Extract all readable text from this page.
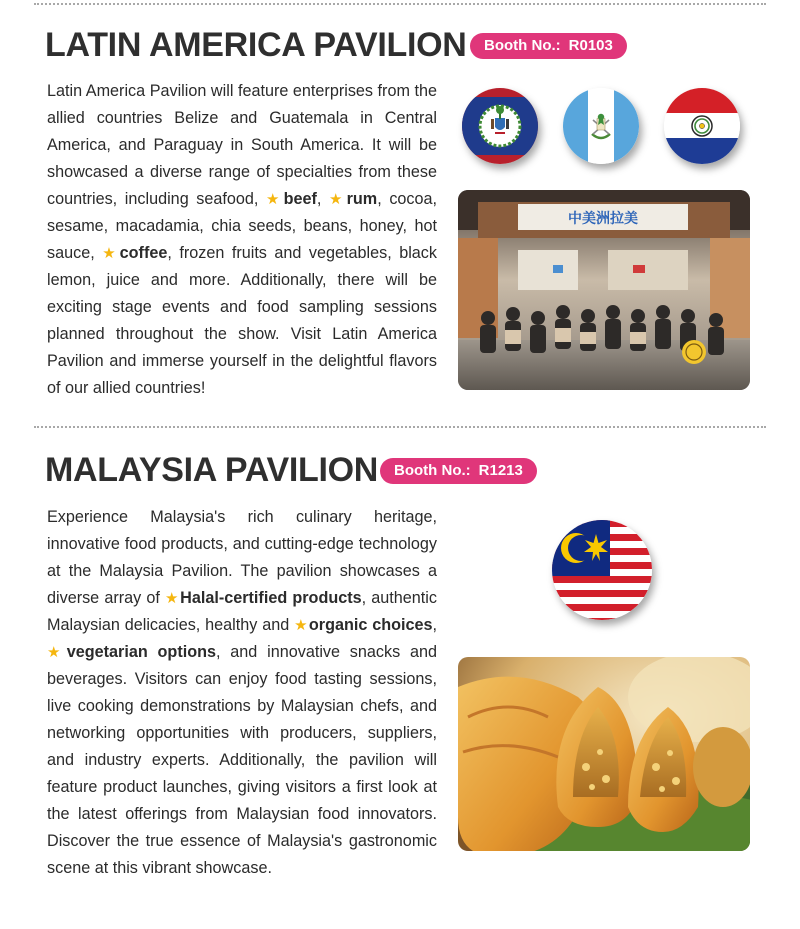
LATIN AMERICA PAVILION	Booth No.: R0103

Latin America Pavilion will feature enterprises from the allied countries Belize and Guatemala in Central America, and Paraguay in South America. It will be showcased a diverse range of specialties from these countries, including seafood, ★beef, ★rum, cocoa, sesame, macadamia, chia seeds, beans, honey, hot sauce, ★coffee, frozen fruits and vegetables, black lemon, juice and more. Additionally, there will be exciting stage events and food sampling sessions planned throughout the show. Visit Latin America Pavilion and immerse yourself in the delightful flavors of our allied countries!

中美洲拉美
MALAYSIA PAVILION	Booth No.: R1213

Experience Malaysia's rich culinary heritage, innovative food products, and cutting-edge technology at the Malaysia Pavilion. The pavilion showcases a diverse array of ★Halal-certified products, authentic Malaysian delicacies, healthy and ★organic choices, ★vegetarian options, and innovative snacks and beverages. Visitors can enjoy food tasting sessions, live cooking demonstrations by Malaysian chefs, and networking opportunities with producers, suppliers, and industry experts. Additionally, the pavilion will feature product launches, giving visitors a first look at the latest offerings from Malaysian food innovators. Discover the true essence of Malaysia's gastronomic scene at this vibrant showcase.
